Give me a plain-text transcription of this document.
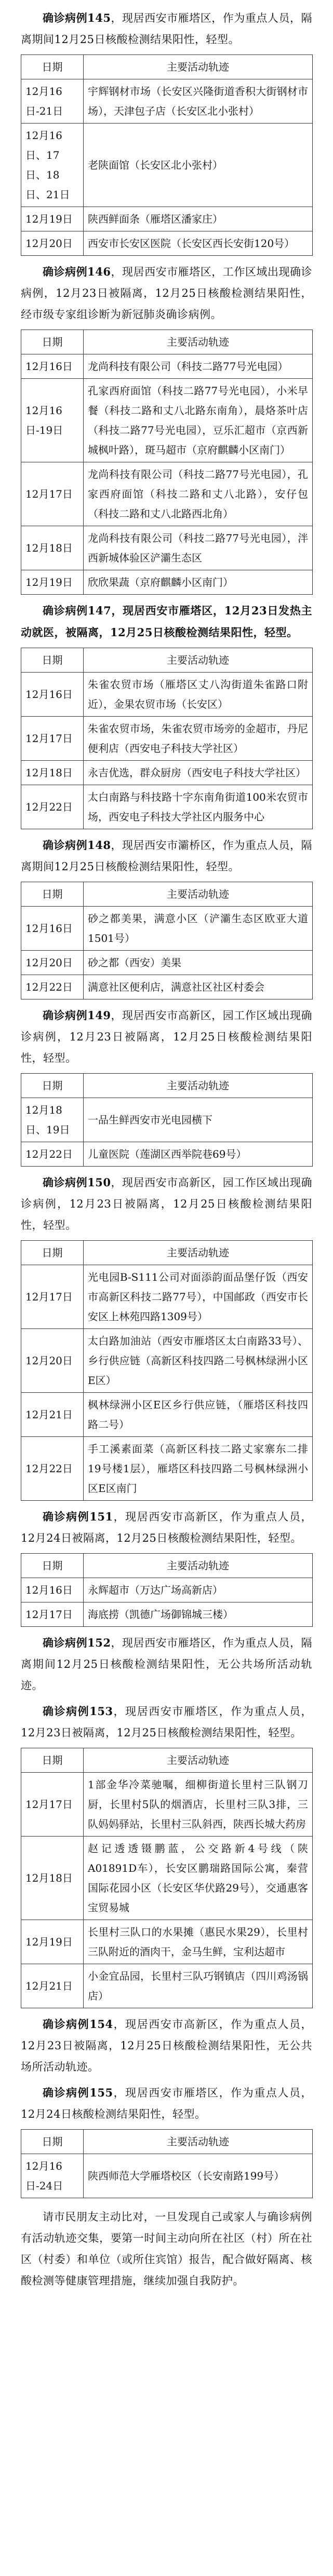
确诊病例145，现居西安市雁塔区，作为重点人员，隔离期间12月25日核酸检测结果阳性，轻型。

日期	主要活动轨迹
12月16日-21日	宇辉钢材市场（长安区兴隆街道香积大街钢材市场），天津包子店（长安区北小张村）
12月16日、17日、18日、21日	老陕面馆（长安区北小张村）
12月19日	陕西鲜面条（雁塔区潘家庄）
12月20日	西安市长安区医院（长安区西长安街120号）

确诊病例146，现居西安市雁塔区，工作区域出现确诊病例，12月23日被隔离，12月25日核酸检测结果阳性，经市级专家组诊断为新冠肺炎确诊病例。

日期	主要活动轨迹
12月16日	龙尚科技有限公司（科技二路77号光电园）
12月16日-19日	孔家西府面馆（科技二路77号光电园），小米早餐（科技二路和丈八北路东南角），晨烙茶叶店（科技二路77号光电园），豆乐汇超市（京西新城枫叶路），斑马超市（京府麒麟小区南门）
12月17日	龙尚科技有限公司（科技二路77号光电园），孔家西府面馆（科技二路和丈八北路），安仔包（科技二路和丈八北路西北角）
12月18日	龙尚科技有限公司（科技二路77号光电园），泮西新城体验区浐灞生态区
12月19日	欣欣果蔬（京府麒麟小区南门）

确诊病例147，现居西安市雁塔区，12月23日发热主动就医，被隔离，12月25日核酸检测结果阳性，轻型。

日期	主要活动轨迹
12月16日	朱雀农贸市场（雁塔区丈八沟街道朱雀路口附近），金果农贸市场（长安区）
12月17日	朱雀农贸市场，朱雀农贸市场旁的金超市，丹尼便利店（西安电子科技大学社区）
12月18日	永吉优选，群众厨房（西安电子科技大学社区）
12月22日	太白南路与科技路十字东南角街道100米农贸市场，西安电子科技大学社区内服务中心

确诊病例148，现居西安市灞桥区，作为重点人员，隔离期间12月25日核酸检测结果阳性，轻型。

日期	主要活动轨迹
12月16日	砂之都美果，满意小区（浐灞生态区欧亚大道1501号）
12月20日	砂之都（西安）美果
12月22日	满意社区便利店，满意社区社区村委会

确诊病例149，现居西安市高新区，园工作区域出现确诊病例，12月23日被隔离，12月25日核酸检测结果阳性，轻型。

日期	主要活动轨迹
12月18日、19日	一品生鲜西安市光电园横下
12月22日	儿童医院（莲湖区西举院巷69号）

确诊病例150，现居西安市高新区，园工作区域出现确诊病例，12月23日被隔离，12月25日核酸检测结果阳性，轻型。

日期	主要活动轨迹
12月17日	光电园B-S111公司对面添韵面品堡仔饭（西安市高新区科技二路77号），中国邮政（西安市长安区上林苑四路1309号）
12月20日	太白路加油站（西安市雁塔区太白南路33号）、乡行供应链（高新区科技四路二号枫林绿洲小区E区）
12月21日	枫林绿洲小区E区乡行供应链，（雁塔区科技四路二号）
12月22日	手工溪素面菜（高新区科技二路丈家寨东二排19号楼1层），雁塔区科技四路二号枫林绿洲小区E区南门

确诊病例151，现居西安市高新区，作为重点人员，12月24日被隔离，12月25日核酸检测结果阳性，轻型。

日期	主要活动轨迹
12月16日	永辉超市（万达广场高新店）
12月17日	海底捞（凯德广场御锦城三楼）

确诊病例152，现居西安市雁塔区，作为重点人员，隔离期间12月25日核酸检测结果阳性，无公共场所活动轨迹。

确诊病例153，现居西安市雁塔区，作为重点人员，12月23日被隔离，12月25日核酸检测结果阳性，轻型。

日期	主要活动轨迹
12月17日	1部金华冷菜驰嘱，细柳街道长里村三队钢刀厨，长里村5队的烟酒店，长里村三队3排，三队妈妈驿站，长里村三队斜西，陕西长城大药房
12月18日	赵记透透镊鹏蓝，公交路新4号线（陕A01891D车），长安区鹏瑞路国际公寓，秦营国际花园小区（长安区华伏路29号），交通惠客宝贸易城
12月19日	长里村三队口的水果摊（惠民水果29），长里村三队附近的酒肉干，金马生鲜，宝利达超市
12月21日	小金宜品园，长里村三队巧钢镇店（四川鸡汤锅店）

确诊病例154，现居西安市高新区，作为重点人员，12月23日被隔离，12月25日核酸检测结果阳性，无公共场所活动轨迹。

确诊病例155，现居西安市雁塔区，作为重点人员，12月24日核酸检测结果阳性，轻型。

日期	主要活动轨迹
12月16日-24日	陕西师范大学雁塔校区（长安南路199号）

请市民朋友主动比对，一旦发现自己或家人与确诊病例有活动轨迹交集，要第一时间主动向所在社区（村）所在社区（村委）和单位（或所住宾馆）报告，配合做好隔离、核酸检测等健康管理措施，继续加强自我防护。
